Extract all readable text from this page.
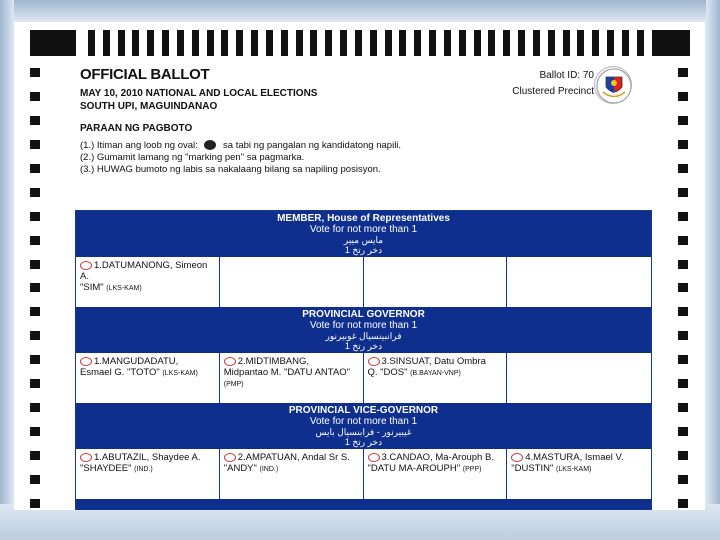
OFFICIAL BALLOT
MAY 10, 2010 NATIONAL AND LOCAL ELECTIONS
SOUTH UPI, MAGUINDANAO
PARAAN NG PAGBOTO
(1.) Itiman ang loob ng oval:	sa tabi ng pangalan ng kandidatong napili.
(2.) Gumamit lamang ng "marking pen" sa pagmarka.
(3.) HUWAG bumoto ng labis sa nakalaang bilang sa napiling posisyon.
Ballot ID: 70
Clustered Precinct
MEMBER, House of Representatives
Vote for not more than 1
مايس ميير
1 دخر رتخ
1.DATUMANONG, Simeon A.
"SIM" (LKS-KAM)
PROVINCIAL GOVERNOR
Vote for not more than 1
فرانبينسيال غوبيرنور
1 دخر رتخ
1.MANGUDADATU,
Esmael G. "TOTO" (LKS-KAM)
2.MIDTIMBANG,
Midpantao M. "DATU ANTAO" (PMP)
3.SINSUAT, Datu Ombra
Q. "DOS" (B.BAYAN-VNP)
PROVINCIAL VICE-GOVERNOR
Vote for not more than 1
غيبيرنور - فرابنسيال بايس
1 دخر رتخ
1.ABUTAZIL, Shaydee A.
"SHAYDEE" (IND.)
2.AMPATUAN, Andal Sr S.
"ANDY" (IND.)
3.CANDAO, Ma-Arouph B.
"DATU MA-AROUPH" (PPP)
4.MASTURA, Ismael V.
"DUSTIN" (LKS-KAM)
